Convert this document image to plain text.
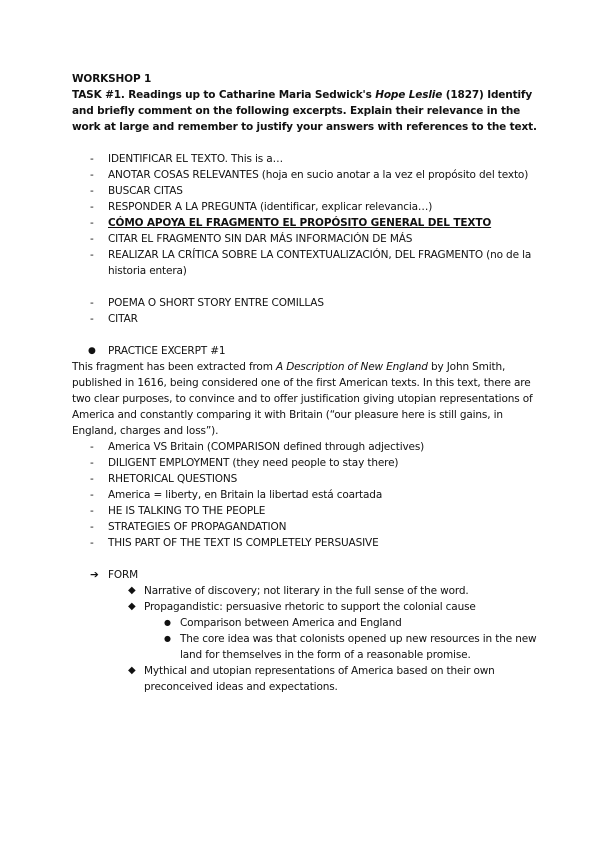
WORKSHOP 1
TASK #1. Readings up to Catharine Maria Sedwick's Hope Leslie (1827) Identify and briefly comment on the following excerpts. Explain their relevance in the work at large and remember to justify your answers with references to the text.
- IDENTIFICAR EL TEXTO. This is a…
- ANOTAR COSAS RELEVANTES (hoja en sucio anotar a la vez el propósito del texto)
- BUSCAR CITAS
- RESPONDER A LA PREGUNTA (identificar, explicar relevancia…)
- CÓMO APOYA EL FRAGMENTO EL PROPÓSITO GENERAL DEL TEXTO
- CITAR EL FRAGMENTO SIN DAR MÁS INFORMACIÓN DE MÁS
- REALIZAR LA CRÍTICA SOBRE LA CONTEXTUALIZACIÓN, DEL FRAGMENTO (no de la historia entera)
- POEMA O SHORT STORY ENTRE COMILLAS
- CITAR
● PRACTICE EXCERPT #1
This fragment has been extracted from A Description of New England by John Smith, published in 1616, being considered one of the first American texts. In this text, there are two clear purposes, to convince and to offer justification giving utopian representations of America and constantly comparing it with Britain (“our pleasure here is still gains, in England, charges and loss”).
- America VS Britain (COMPARISON defined through adjectives)
- DILIGENT EMPLOYMENT (they need people to stay there)
- RHETORICAL QUESTIONS
- America = liberty, en Britain la libertad está coartada
- HE IS TALKING TO THE PEOPLE
- STRATEGIES OF PROPAGANDATION
- THIS PART OF THE TEXT IS COMPLETELY PERSUASIVE
➔ FORM
◆ Narrative of discovery; not literary in the full sense of the word.
◆ Propagandistic: persuasive rhetoric to support the colonial cause
● Comparison between America and England
● The core idea was that colonists opened up new resources in the new land for themselves in the form of a reasonable promise.
◆ Mythical and utopian representations of America based on their own preconceived ideas and expectations.
